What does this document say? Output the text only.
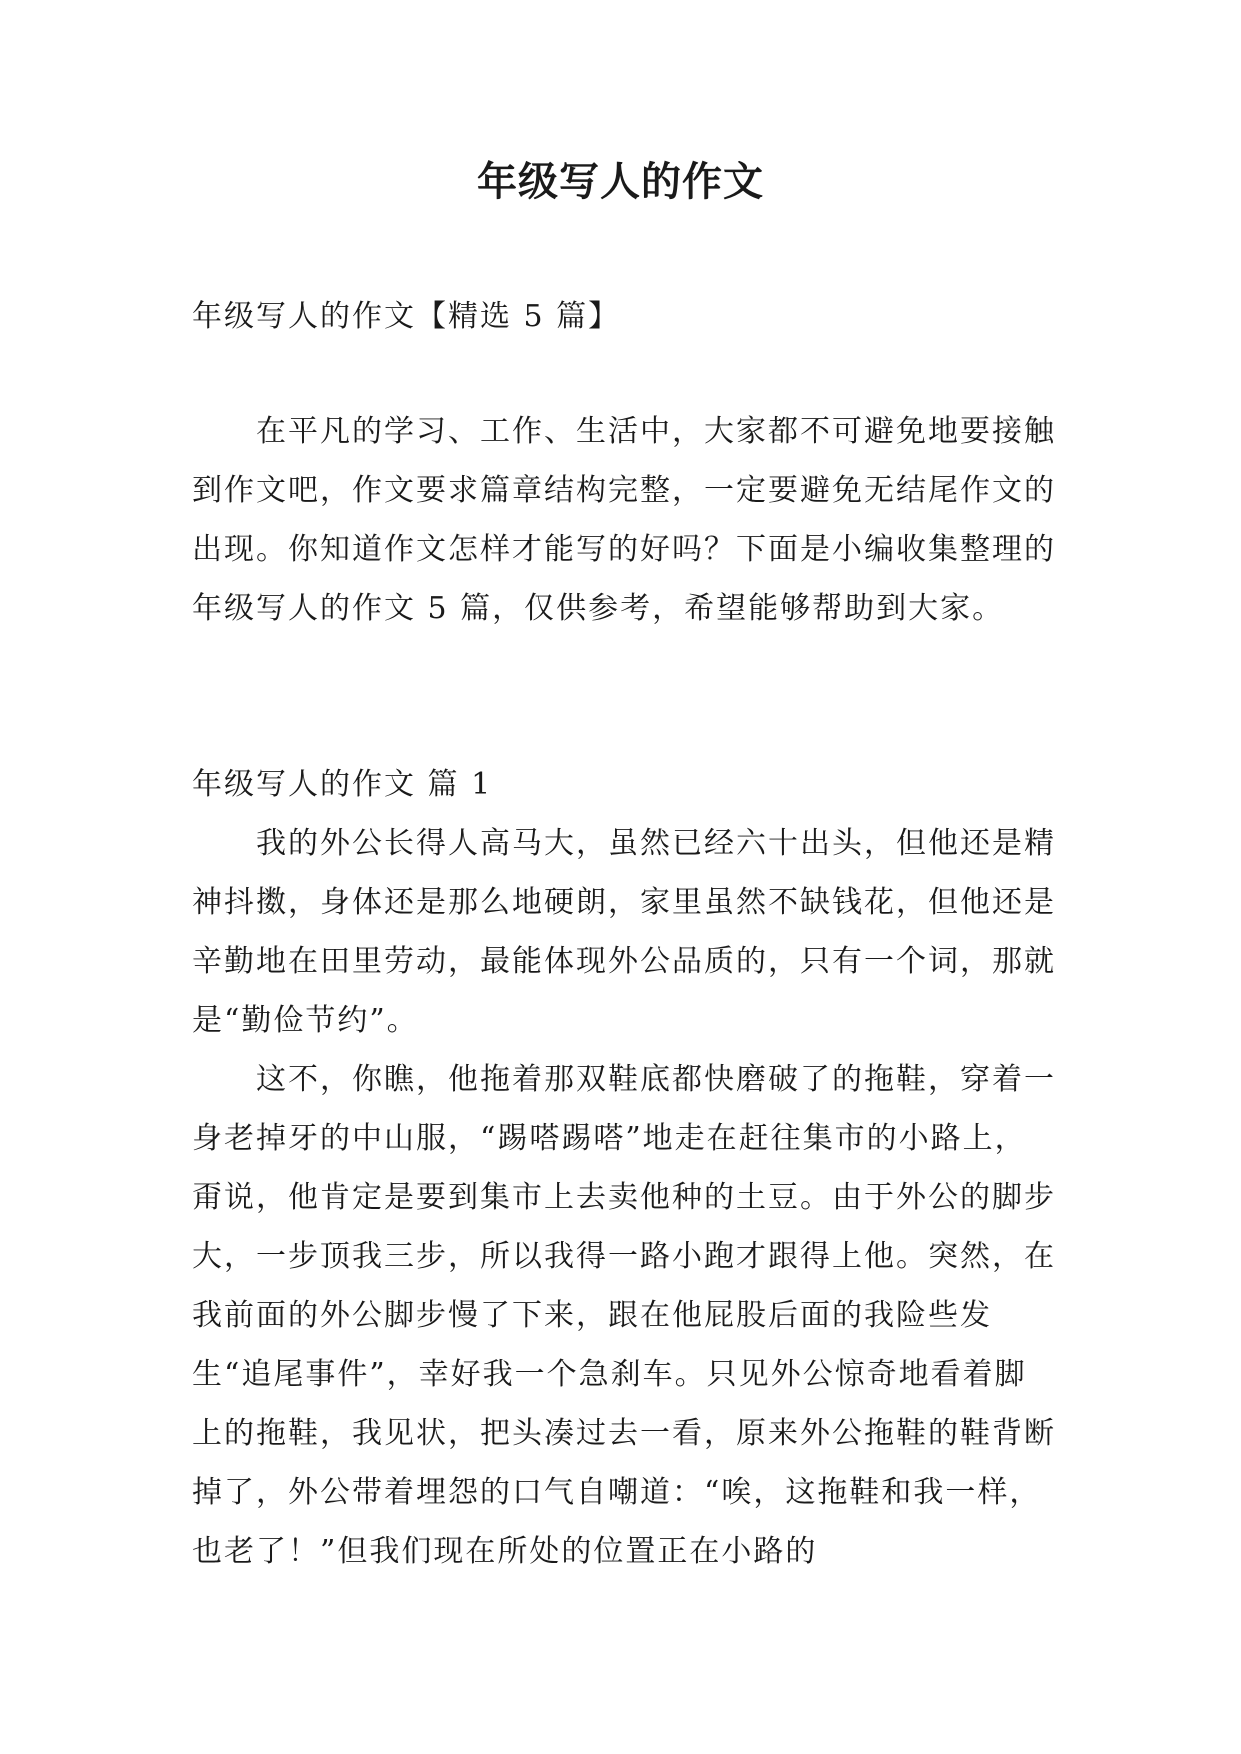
年级写人的作文

年级写人的作文【精选 5 篇】

在平凡的学习、工作、生活中，大家都不可避免地要接触到作文吧，作文要求篇章结构完整，一定要避免无结尾作文的出现。你知道作文怎样才能写的好吗？下面是小编收集整理的年级写人的作文 5 篇，仅供参考，希望能够帮助到大家。

年级写人的作文 篇 1

我的外公长得人高马大，虽然已经六十出头，但他还是精神抖擞，身体还是那么地硬朗，家里虽然不缺钱花，但他还是辛勤地在田里劳动，最能体现外公品质的，只有一个词，那就是“勤俭节约”。

这不，你瞧，他拖着那双鞋底都快磨破了的拖鞋，穿着一身老掉牙的中山服，“踢嗒踢嗒”地走在赶往集市的小路上，甭说，他肯定是要到集市上去卖他种的土豆。由于外公的脚步大，一步顶我三步，所以我得一路小跑才跟得上他。突然，在我前面的外公脚步慢了下来，跟在他屁股后面的我险些发生“追尾事件”，幸好我一个急刹车。只见外公惊奇地看着脚上的拖鞋，我见状，把头凑过去一看，原来外公拖鞋的鞋背断掉了，外公带着埋怨的口气自嘲道：“唉，这拖鞋和我一样，也老了！”但我们现在所处的位置正在小路的
